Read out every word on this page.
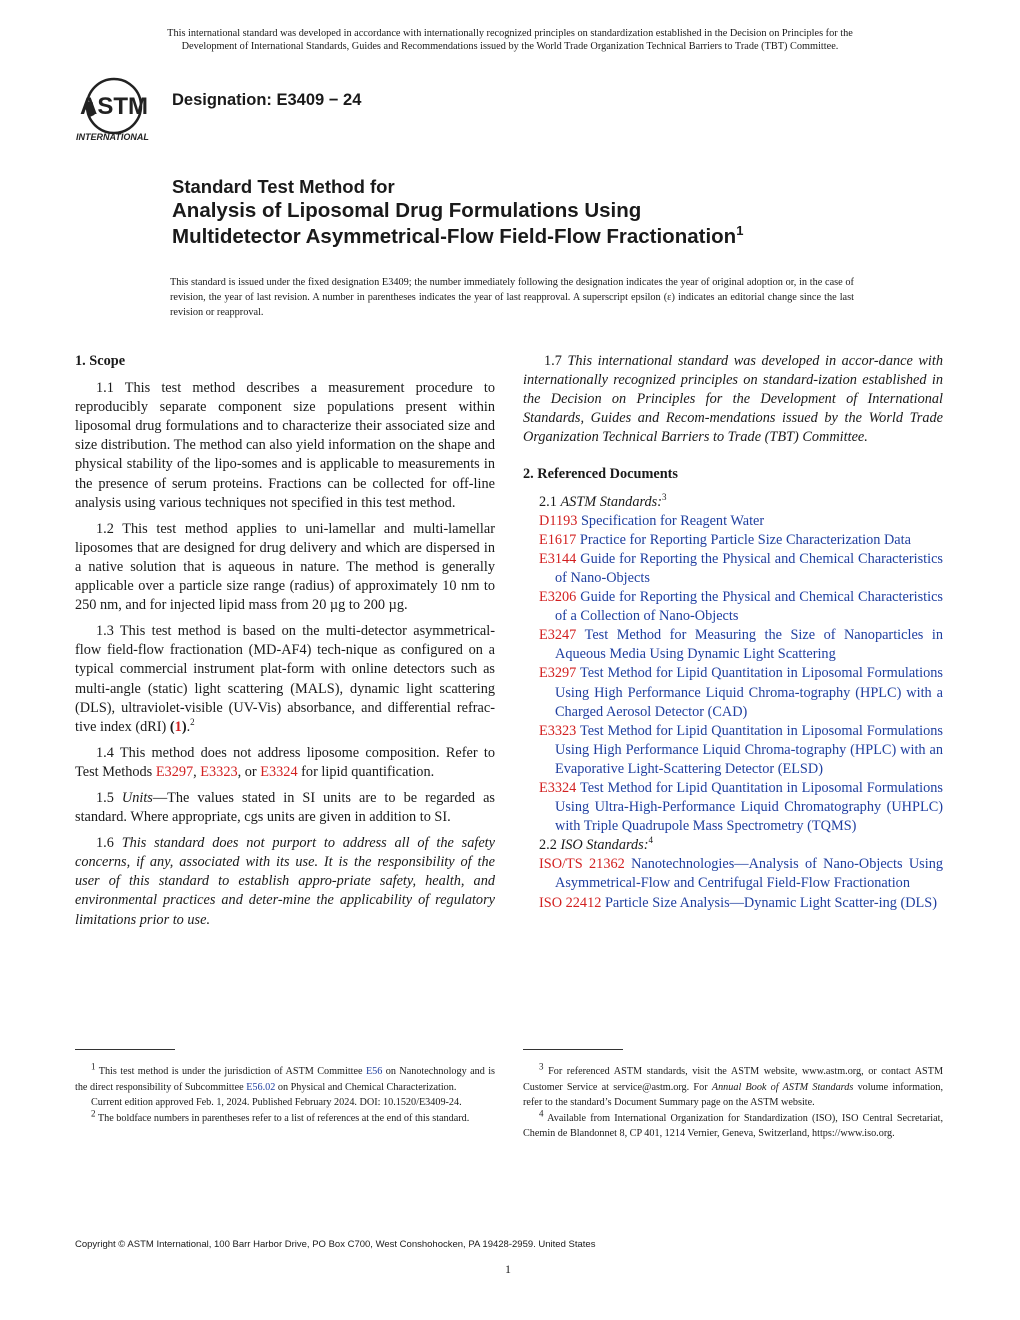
This international standard was developed in accordance with internationally recognized principles on standardization established in the Decision on Principles for the
Development of International Standards, Guides and Recommendations issued by the World Trade Organization Technical Barriers to Trade (TBT) Committee.
ASTM
INTERNATIONAL
Designation: E3409 − 24
Standard Test Method for
Analysis of Liposomal Drug Formulations Using
Multidetector Asymmetrical-Flow Field-Flow Fractionation$^1$
This standard is issued under the fixed designation E3409; the number immediately following the designation indicates the year of original adoption or, in the case of revision, the year of last revision. A number in parentheses indicates the year of last reapproval. A superscript epsilon (ε) indicates an editorial change since the last revision or reapproval.
1. Scope

1.1 This test method describes a measurement procedure to reproducibly separate component size populations present within liposomal drug formulations and to characterize their associated size and size distribution. The method can also yield information on the shape and physical stability of the lipo-somes and is applicable to measurements in the presence of serum proteins. Fractions can be collected for off-line analysis using various techniques not specified in this test method.

1.2 This test method applies to uni-lamellar and multi-lamellar liposomes that are designed for drug delivery and which are dispersed in a native solution that is aqueous in nature. The method is generally applicable over a particle size range (radius) of approximately 10 nm to 250 nm, and for injected lipid mass from 20 µg to 200 µg.

1.3 This test method is based on the multi-detector asymmetrical-flow field-flow fractionation (MD-AF4) tech-nique as configured on a typical commercial instrument plat-form with online detectors such as multi-angle (static) light scattering (MALS), dynamic light scattering (DLS), ultraviolet-visible (UV-Vis) absorbance, and differential refrac-tive index (dRI) (1).$^2$

1.4 This method does not address liposome composition. Refer to Test Methods E3297, E3323, or E3324 for lipid quantification.

1.5 Units—The values stated in SI units are to be regarded as standard. Where appropriate, cgs units are given in addition to SI.

1.6 This standard does not purport to address all of the safety concerns, if any, associated with its use. It is the responsibility of the user of this standard to establish appro-priate safety, health, and environmental practices and deter-mine the applicability of regulatory limitations prior to use.

1.7 This international standard was developed in accor-dance with internationally recognized principles on standard-ization established in the Decision on Principles for the Development of International Standards, Guides and Recom-mendations issued by the World Trade Organization Technical Barriers to Trade (TBT) Committee.

2. Referenced Documents

2.1 ASTM Standards:$^3$

D1193 Specification for Reagent Water

E1617 Practice for Reporting Particle Size Characterization Data

E3144 Guide for Reporting the Physical and Chemical Characteristics of Nano-Objects

E3206 Guide for Reporting the Physical and Chemical Characteristics of a Collection of Nano-Objects

E3247 Test Method for Measuring the Size of Nanoparticles in Aqueous Media Using Dynamic Light Scattering

E3297 Test Method for Lipid Quantitation in Liposomal Formulations Using High Performance Liquid Chroma-tography (HPLC) with a Charged Aerosol Detector (CAD)

E3323 Test Method for Lipid Quantitation in Liposomal Formulations Using High Performance Liquid Chroma-tography (HPLC) with an Evaporative Light-Scattering Detector (ELSD)

E3324 Test Method for Lipid Quantitation in Liposomal Formulations Using Ultra-High-Performance Liquid Chromatography (UHPLC) with Triple Quadrupole Mass Spectrometry (TQMS)

2.2 ISO Standards:$^4$

ISO/TS 21362 Nanotechnologies—Analysis of Nano-Objects Using Asymmetrical-Flow and Centrifugal Field-Flow Fractionation

ISO 22412 Particle Size Analysis—Dynamic Light Scatter-ing (DLS)

$^1$ This test method is under the jurisdiction of ASTM Committee E56 on Nanotechnology and is the direct responsibility of Subcommittee E56.02 on Physical and Chemical Characterization.

Current edition approved Feb. 1, 2024. Published February 2024. DOI: 10.1520/E3409-24.

$^2$ The boldface numbers in parentheses refer to a list of references at the end of this standard.

$^3$ For referenced ASTM standards, visit the ASTM website, www.astm.org, or contact ASTM Customer Service at service@astm.org. For Annual Book of ASTM Standards volume information, refer to the standard’s Document Summary page on the ASTM website.

$^4$ Available from International Organization for Standardization (ISO), ISO Central Secretariat, Chemin de Blandonnet 8, CP 401, 1214 Vernier, Geneva, Switzerland, https://www.iso.org.

Copyright © ASTM International, 100 Barr Harbor Drive, PO Box C700, West Conshohocken, PA 19428-2959. United States
1
